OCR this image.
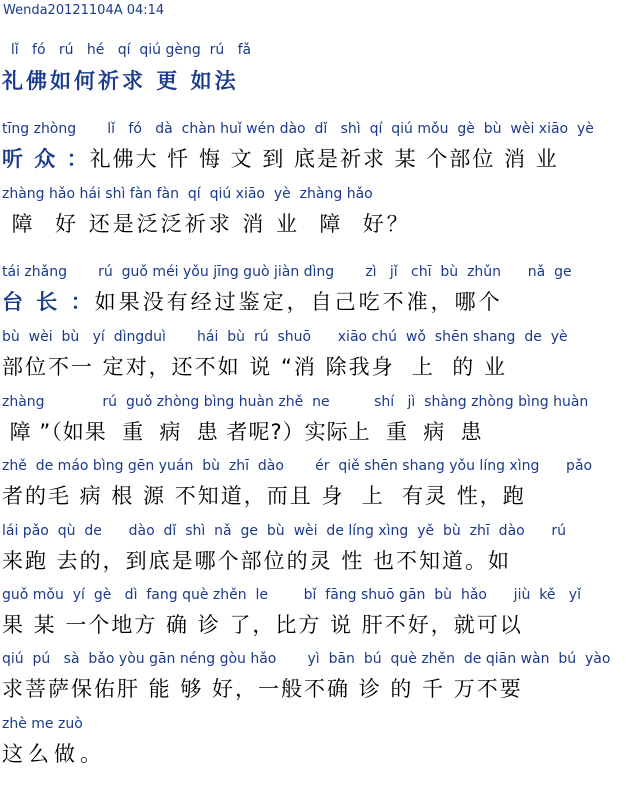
Wenda20121104A 04:14
lǐ   fó   rú   hé   qí  qiú gèng  rú   fǎ
礼佛如何祈求 更 如法
tīng zhòng       lǐ   fó   dà  chàn huǐ wén dào  dǐ   shì  qí  qiú mǒu  gè  bù  wèi xiāo  yè
听 众 ：礼佛大 忏 悔 文 到 底是祈求 某 个部位 消 业
zhàng hǎo hái shì fàn fàn  qí  qiú xiāo  yè  zhàng hǎo
障  好 还是泛泛祈求 消 业  障  好？
tái zhǎng       rú  guǒ méi yǒu jīng guò jiàn dìng       zì   jǐ   chī  bù  zhǔn      nǎ  ge
台 长 ：如果没有经过鉴定，自己吃不准，哪个
bù  wèi  bù   yí  dìngduì       hái  bù  rú  shuō      xiāo chú  wǒ  shēn shang  de  yè
部位不一 定对，还不如 说 “消 除我身  上  的 业
zhàng             rú  guǒ zhòng bìng huàn zhě  ne          shí   jì  shàng zhòng bìng huàn
障 ”（如果  重  病  患 者呢?）实际上  重  病  患
zhě  de máo bìng gēn yuán  bù  zhī  dào       ér  qiě shēn shang yǒu líng xìng      pǎo
者的毛 病 根 源 不知道，而且 身  上  有灵 性，跑
lái pǎo  qù  de      dào  dǐ  shì  nǎ  ge  bù  wèi  de líng xìng  yě  bù  zhī  dào      rú
来跑 去的，到底是哪个部位的灵 性 也不知道。如
guǒ mǒu  yí  gè   dì  fang què zhěn  le        bǐ  fāng shuō gān  bù  hǎo      jiù  kě   yǐ
果 某 一个地方 确 诊 了，比方 说 肝不好，就可以
qiú  pú   sà  bǎo yòu gān néng gòu hǎo       yì  bān  bú  què zhěn  de qiān wàn  bú  yào
求菩萨保佑肝 能 够 好，一般不确 诊 的 千 万不要
zhè me zuò
这么做。
